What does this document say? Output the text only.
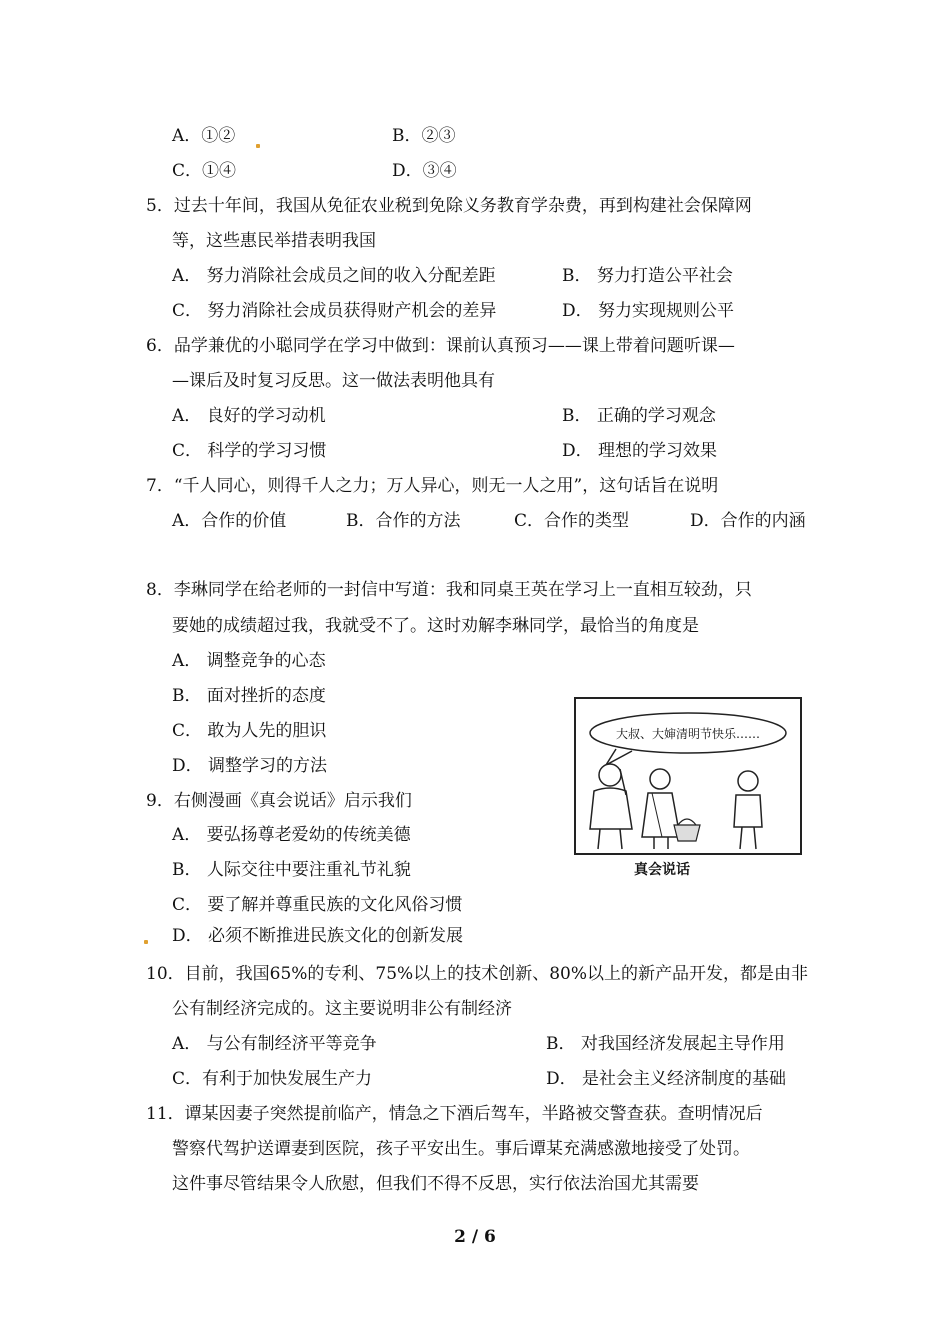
A．①②	B．②③
C．①④	D．③④
5．过去十年间，我国从免征农业税到免除义务教育学杂费，再到构建社会保障网
等，这些惠民举措表明我国
A． 努力消除社会成员之间的收入分配差距	B． 努力打造公平社会
C． 努力消除社会成员获得财产机会的差异	D． 努力实现规则公平
6．品学兼优的小聪同学在学习中做到：课前认真预习——课上带着问题听课—
—课后及时复习反思。这一做法表明他具有
A． 良好的学习动机	B． 正确的学习观念
C． 科学的学习习惯	D． 理想的学习效果
7．“千人同心，则得千人之力；万人异心，则无一人之用”，这句话旨在说明
A．合作的价值	B．合作的方法	C．合作的类型	D．合作的内涵
8．李琳同学在给老师的一封信中写道：我和同桌王英在学习上一直相互较劲，只
要她的成绩超过我，我就受不了。这时劝解李琳同学，最恰当的角度是
A． 调整竞争的心态
B． 面对挫折的态度
C． 敢为人先的胆识
D． 调整学习的方法
9．右侧漫画《真会说话》启示我们
A． 要弘扬尊老爱幼的传统美德
B． 人际交往中要注重礼节礼貌
C． 要了解并尊重民族的文化风俗习惯
D． 必须不断推进民族文化的创新发展
大叔、大婶清明节快乐……
真会说话
10．目前，我国65%的专利、75%以上的技术创新、80%以上的新产品开发，都是由非
公有制经济完成的。这主要说明非公有制经济
A． 与公有制经济平等竞争	B． 对我国经济发展起主导作用
C．有利于加快发展生产力	D． 是社会主义经济制度的基础
11．谭某因妻子突然提前临产，情急之下酒后驾车，半路被交警查获。查明情况后
警察代驾护送谭妻到医院，孩子平安出生。事后谭某充满感激地接受了处罚。
这件事尽管结果令人欣慰，但我们不得不反思，实行依法治国尤其需要
2 / 6
